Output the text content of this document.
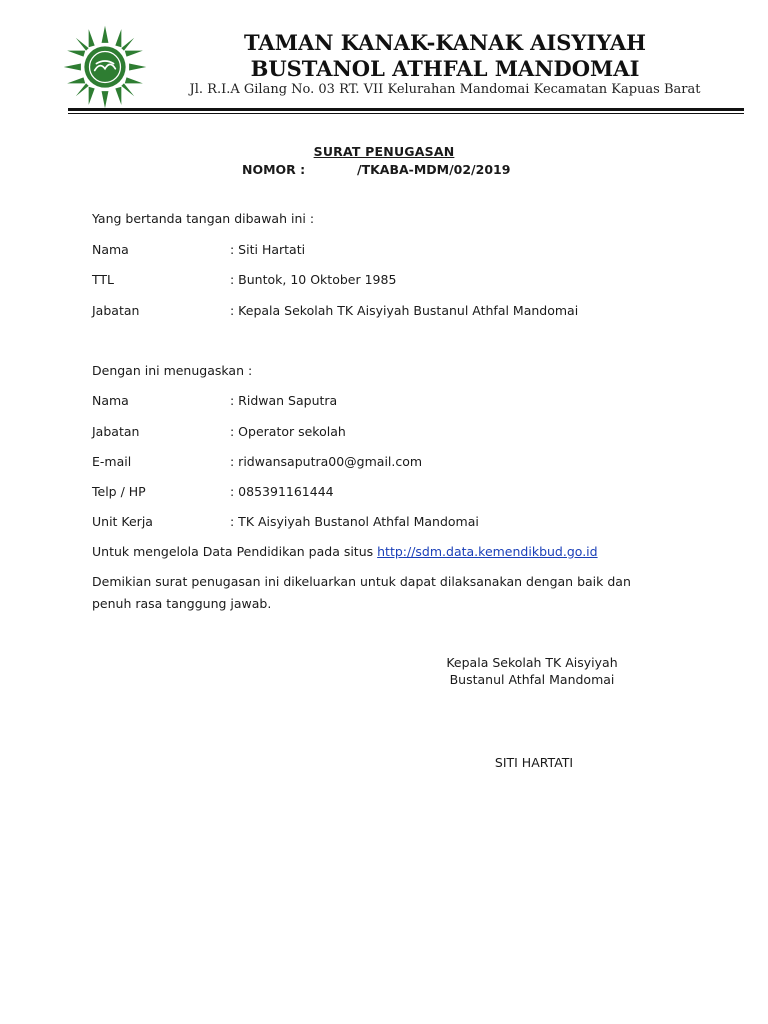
TAMAN KANAK-KANAK AISYIYAH
BUSTANOL ATHFAL MANDOMAI
Jl. R.I.A Gilang No. 03 RT. VII Kelurahan Mandomai Kecamatan Kapuas Barat
SURAT PENUGASAN
NOMOR :	/TKABA-MDM/02/2019
Yang bertanda tangan dibawah ini :
Nama	: Siti Hartati
TTL	: Buntok, 10 Oktober 1985
Jabatan	: Kepala Sekolah TK Aisyiyah Bustanul Athfal Mandomai
Dengan ini menugaskan :
Nama	: Ridwan Saputra
Jabatan	: Operator sekolah
E-mail	: ridwansaputra00@gmail.com
Telp / HP	: 085391161444
Unit Kerja	: TK Aisyiyah Bustanol Athfal Mandomai
Untuk mengelola Data Pendidikan pada situs http://sdm.data.kemendikbud.go.id
Demikian surat penugasan ini dikeluarkan untuk dapat dilaksanakan dengan baik dan
penuh rasa tanggung jawab.
Kepala Sekolah TK Aisyiyah
Bustanul Athfal Mandomai
SITI HARTATI
